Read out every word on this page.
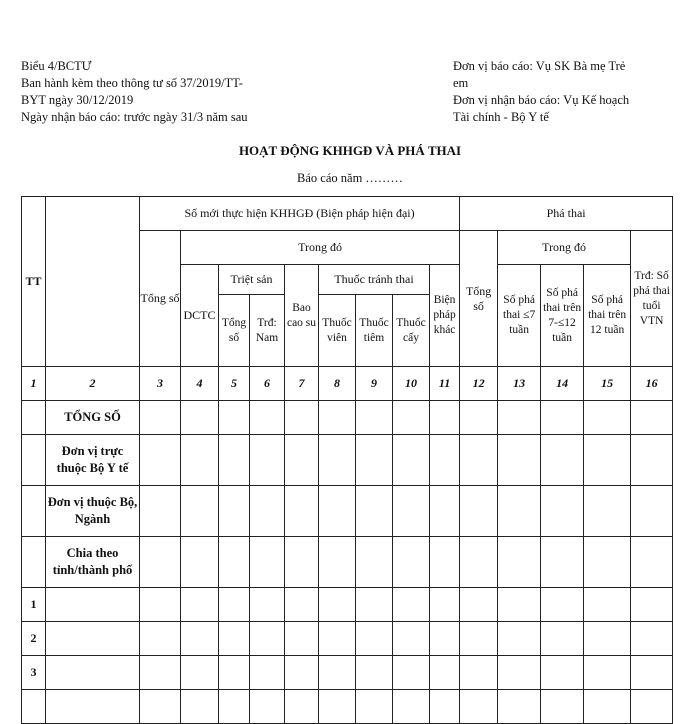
Biểu 4/BCTƯ

Ban hành kèm theo thông tư số 37/2019/TT-

BYT ngày 30/12/2019

Ngày nhận báo cáo: trước ngày 31/3 năm sau

Đơn vị báo cáo: Vụ SK Bà mẹ Trẻ

em

Đơn vị nhận báo cáo: Vụ Kế hoạch

Tài chính - Bộ Y tế

HOẠT ĐỘNG KHHGĐ VÀ PHÁ THAI
Báo cáo năm ………
TT		Số mới thực hiện KHHGĐ (Biện pháp hiện đại)									Phá thai				
		Tổng số	Trong đó								Tổng số	Trong đó			Trđ: Số phá thai tuổi VTN
			DCTC	Triệt sản		Bao cao su	Thuốc tránh thai			Biện pháp khác		Số phá thai ≤7 tuần	Số phá thai trên 7-≤12 tuần	Số phá thai trên 12 tuần	
				Tổng số	Trđ: Nam		Thuốc viên	Thuốc tiêm	Thuốc cấy						
1	2	3	4	5	6	7	8	9	10	11	12	13	14	15	16
	TỔNG SỐ														
	Đơn vị trực thuộc Bộ Y tế														
	Đơn vị thuộc Bộ, Ngành														
	Chia theo tỉnh/thành phố														
1															
2															
3															
